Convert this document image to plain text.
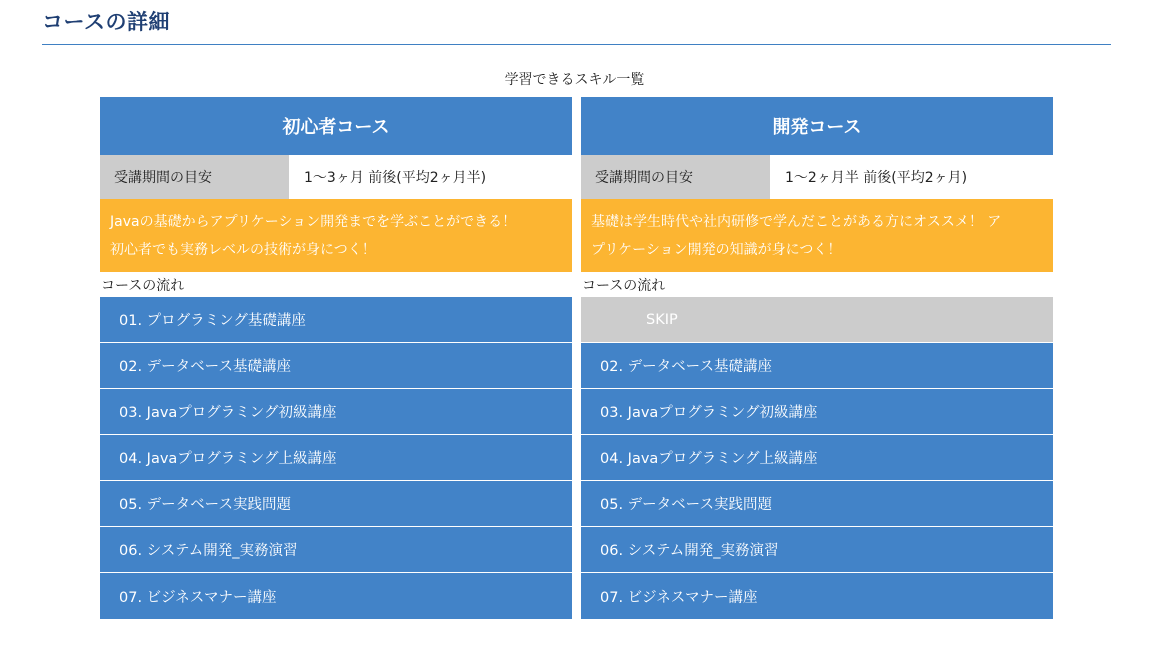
コースの詳細
学習できるスキル一覧
初心者コース
受講期間の目安	1〜3ヶ月 前後(平均2ヶ月半)
Javaの基礎からアプリケーション開発までを学ぶことができる！
初心者でも実務レベルの技術が身につく！
コースの流れ
01. プログラミング基礎講座
02. データベース基礎講座
03. Javaプログラミング初級講座
04. Javaプログラミング上級講座
05. データベース実践問題
06. システム開発_実務演習
07. ビジネスマナー講座
開発コース
受講期間の目安	1〜2ヶ月半 前後(平均2ヶ月)
基礎は学生時代や社内研修で学んだことがある方にオススメ！ ア
プリケーション開発の知識が身につく！
コースの流れ
SKIP
02. データベース基礎講座
03. Javaプログラミング初級講座
04. Javaプログラミング上級講座
05. データベース実践問題
06. システム開発_実務演習
07. ビジネスマナー講座
